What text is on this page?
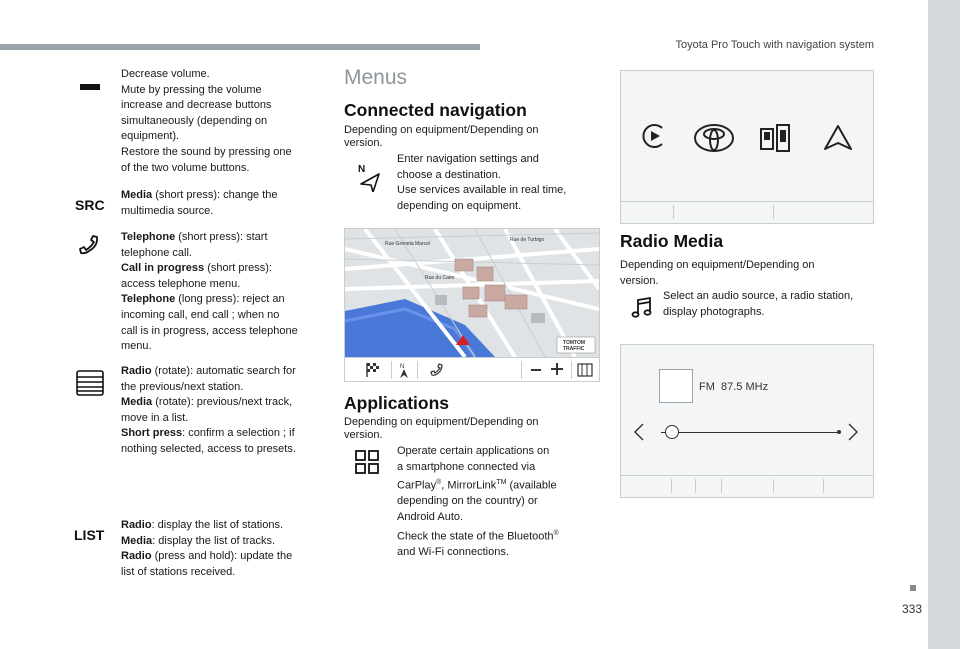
Toyota Pro Touch with navigation system
333
Decrease volume.
Mute by pressing the volume
increase and decrease buttons
simultaneously (depending on
equipment).
Restore the sound by pressing one
of the two volume buttons.
SRC
Media (short press): change the
multimedia source.
Telephone (short press): start
telephone call.
Call in progress (short press):
access telephone menu.
Telephone (long press): reject an
incoming call, end call ; when no
call is in progress, access telephone
menu.
Radio (rotate): automatic search for
the previous/next station.
Media (rotate): previous/next track,
move in a list.
Short press: confirm a selection ; if
nothing selected, access to presets.
LIST
Radio: display the list of stations.
Media: display the list of tracks.
Radio (press and hold): update the
list of stations received.
Menus
Connected navigation
Depending on equipment/Depending on
version.
N
Enter navigation settings and
choose a destination.
Use services available in real time,
depending on equipment.
Rue de Turbigo
Rue Greneta Marcel
Rue du Caire
TOMTOM
TRAFFIC
N
Applications
Depending on equipment/Depending on
version.
Operate certain applications on
a smartphone connected via
CarPlay®, MirrorLink™ (available
depending on the country) or
Android Auto.
Check the state of the Bluetooth®
and Wi-Fi connections.
Radio Media
Depending on equipment/Depending on
version.
Select an audio source, a radio station,
display photographs.
FM 87.5 MHz
